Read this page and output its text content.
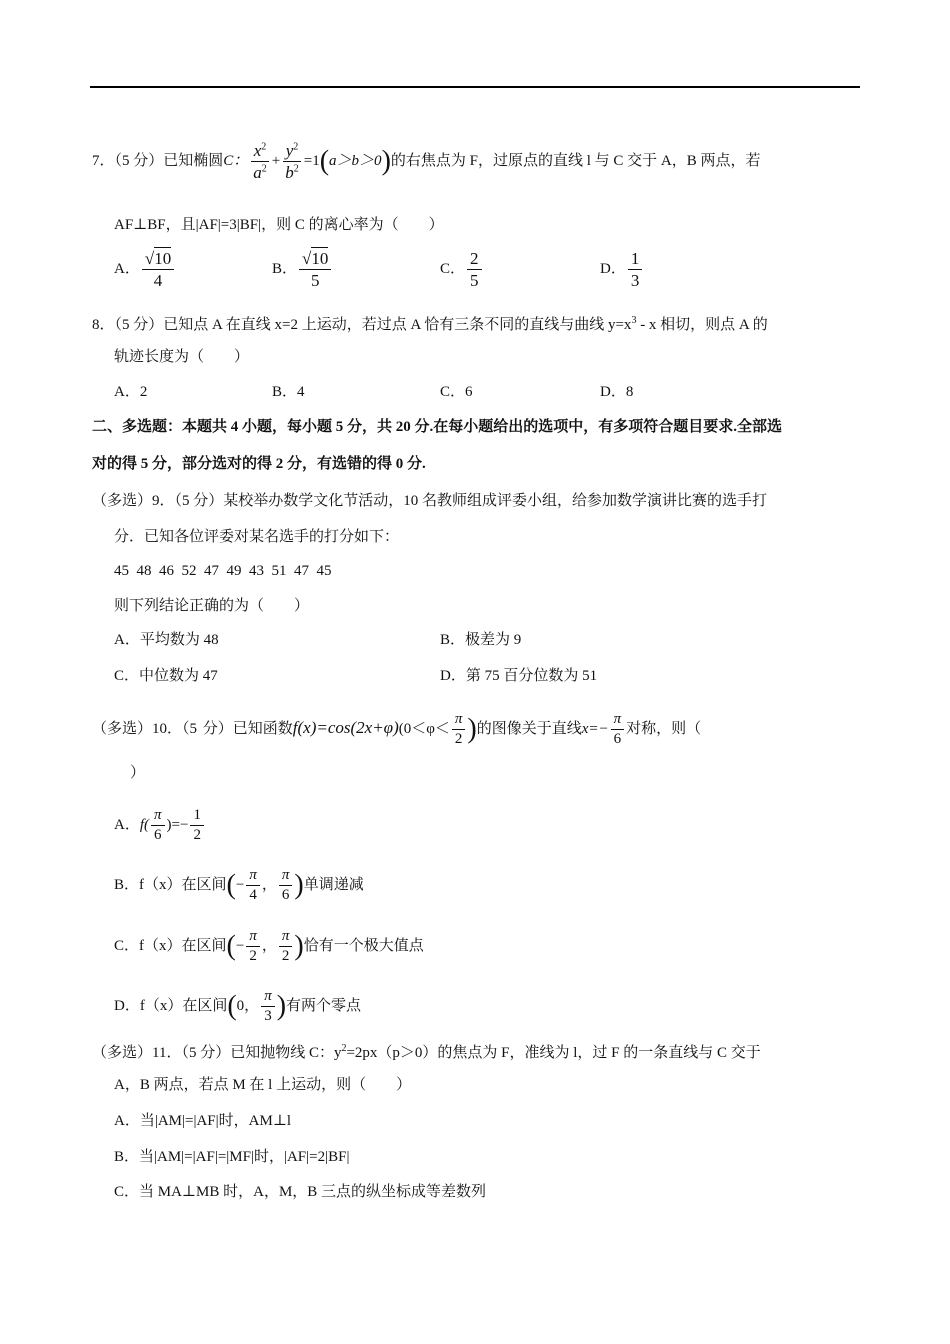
7．（5 分）已知椭圆C： $\frac{x^2}{a^2} + \frac{y^2}{b^2} =1(a>b>0)$的右焦点为 F，过原点的直线 l 与 C 交于 A，B 两点，若
AF⊥BF，且|AF|=3|BF|，则 C 的离心率为（　　）
A． $\frac{√10}{4}$	B． $\frac{√10}{5}$	C． $\frac{2}{5}$	D． $\frac{1}{3}$
8．（5 分）已知点 A 在直线 x=2 上运动，若过点 A 恰有三条不同的直线与曲线 $y=x^3 - x$ 相切，则点 A 的
轨迹长度为（　　）
A．2	B．4	C．6	D．8
二、多选题：本题共 4 小题，每小题 5 分，共 20 分.在每小题给出的选项中，有多项符合题目要求.全部选
对的得 5 分，部分选对的得 2 分，有选错的得 0 分.
（多选）9．（5 分）某校举办数学文化节活动，10 名教师组成评委小组，给参加数学演讲比赛的选手打
分．已知各位评委对某名选手的打分如下：
45  48  46  52  47  49  43  51  47  45
则下列结论正确的为（　　）
A．平均数为 48	B．极差为 9
C．中位数为 47	D．第 75 百分位数为 51
（多选）10．（5 分）已知函数$f(x)=\cos(2x+\varphi)(0<\varphi< \frac{\pi}{2}$ )的图像关于直线$x=- \frac{\pi}{6}$ 对称，则（
）
A．$f( \frac{\pi}{6}$ )=− $\frac{1}{2}$
B．f（x）在区间(− $\frac{\pi}{4}$ ， $\frac{\pi}{6}$ )单调递减
C．f（x）在区间(− $\frac{\pi}{2}$ ， $\frac{\pi}{2}$ )恰有一个极大值点
D．f（x）在区间(0， $\frac{\pi}{3}$ )有两个零点
（多选）11．（5 分）已知抛物线 C：$y^2=2px(p>0)$的焦点为 F，准线为 l，过 F 的一条直线与 C 交于
A，B 两点，若点 M 在 l 上运动，则（　　）
A．当|AM|=|AF|时，AM⊥l
B．当|AM|=|AF|=|MF|时，|AF|=2|BF|
C．当 MA⊥MB 时，A，M，B 三点的纵坐标成等差数列
